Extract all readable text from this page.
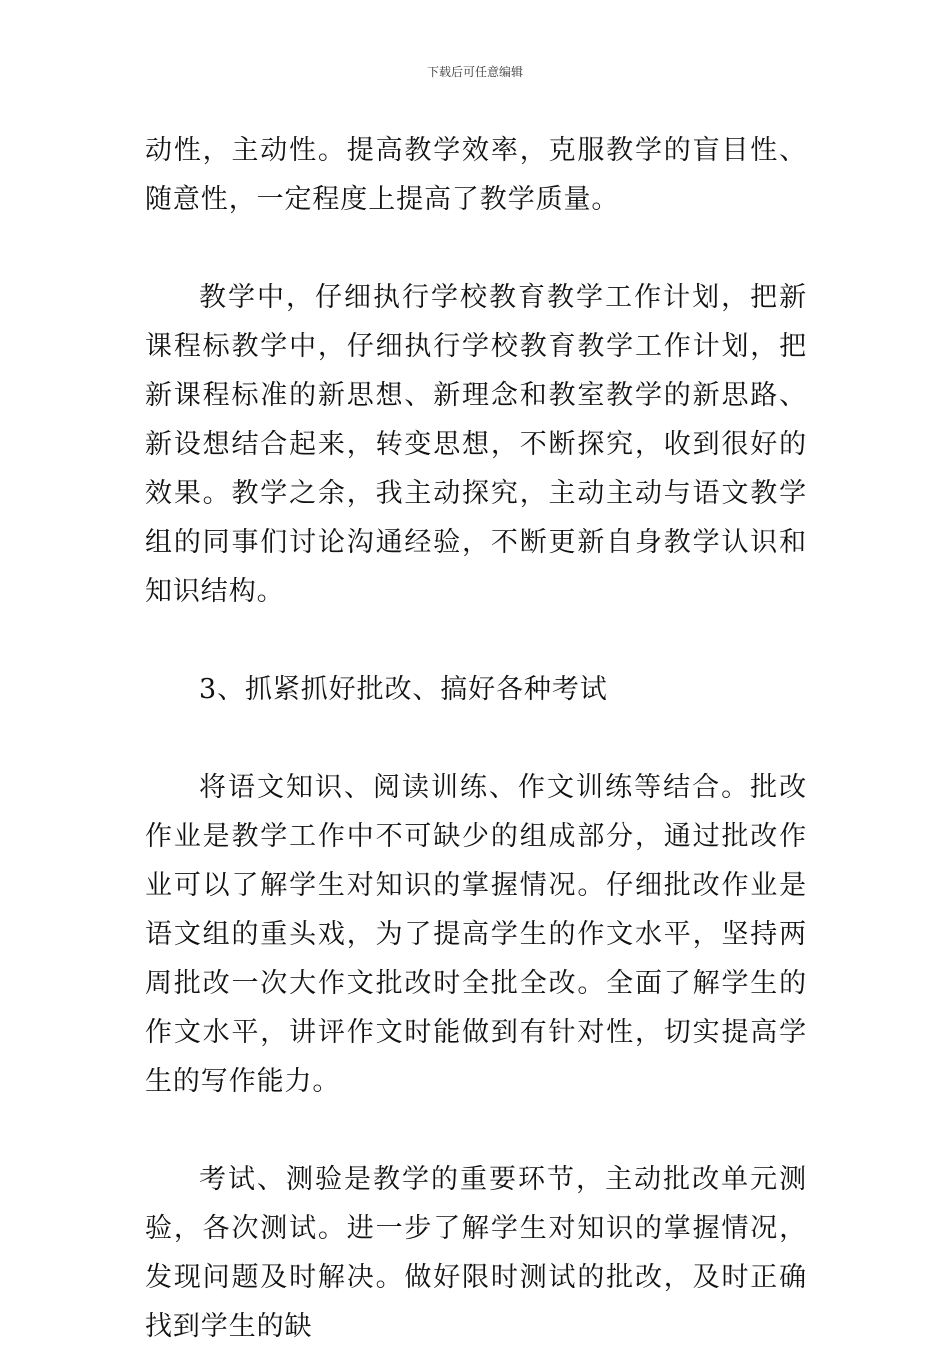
下载后可任意编辑

动性，主动性。提高教学效率，克服教学的盲目性、随意性，一定程度上提高了教学质量。

教学中，仔细执行学校教育教学工作计划，把新课程标教学中，仔细执行学校教育教学工作计划，把新课程标准的新思想、新理念和教室教学的新思路、新设想结合起来，转变思想，不断探究，收到很好的效果。教学之余，我主动探究，主动主动与语文教学组的同事们讨论沟通经验，不断更新自身教学认识和知识结构。

3、抓紧抓好批改、搞好各种考试

将语文知识、阅读训练、作文训练等结合。批改作业是教学工作中不可缺少的组成部分，通过批改作业可以了解学生对知识的掌握情况。仔细批改作业是语文组的重头戏，为了提高学生的作文水平，坚持两周批改一次大作文批改时全批全改。全面了解学生的作文水平，讲评作文时能做到有针对性，切实提高学生的写作能力。

考试、测验是教学的重要环节，主动批改单元测验，各次测试。进一步了解学生对知识的掌握情况，发现问题及时解决。做好限时测试的批改，及时正确找到学生的缺
